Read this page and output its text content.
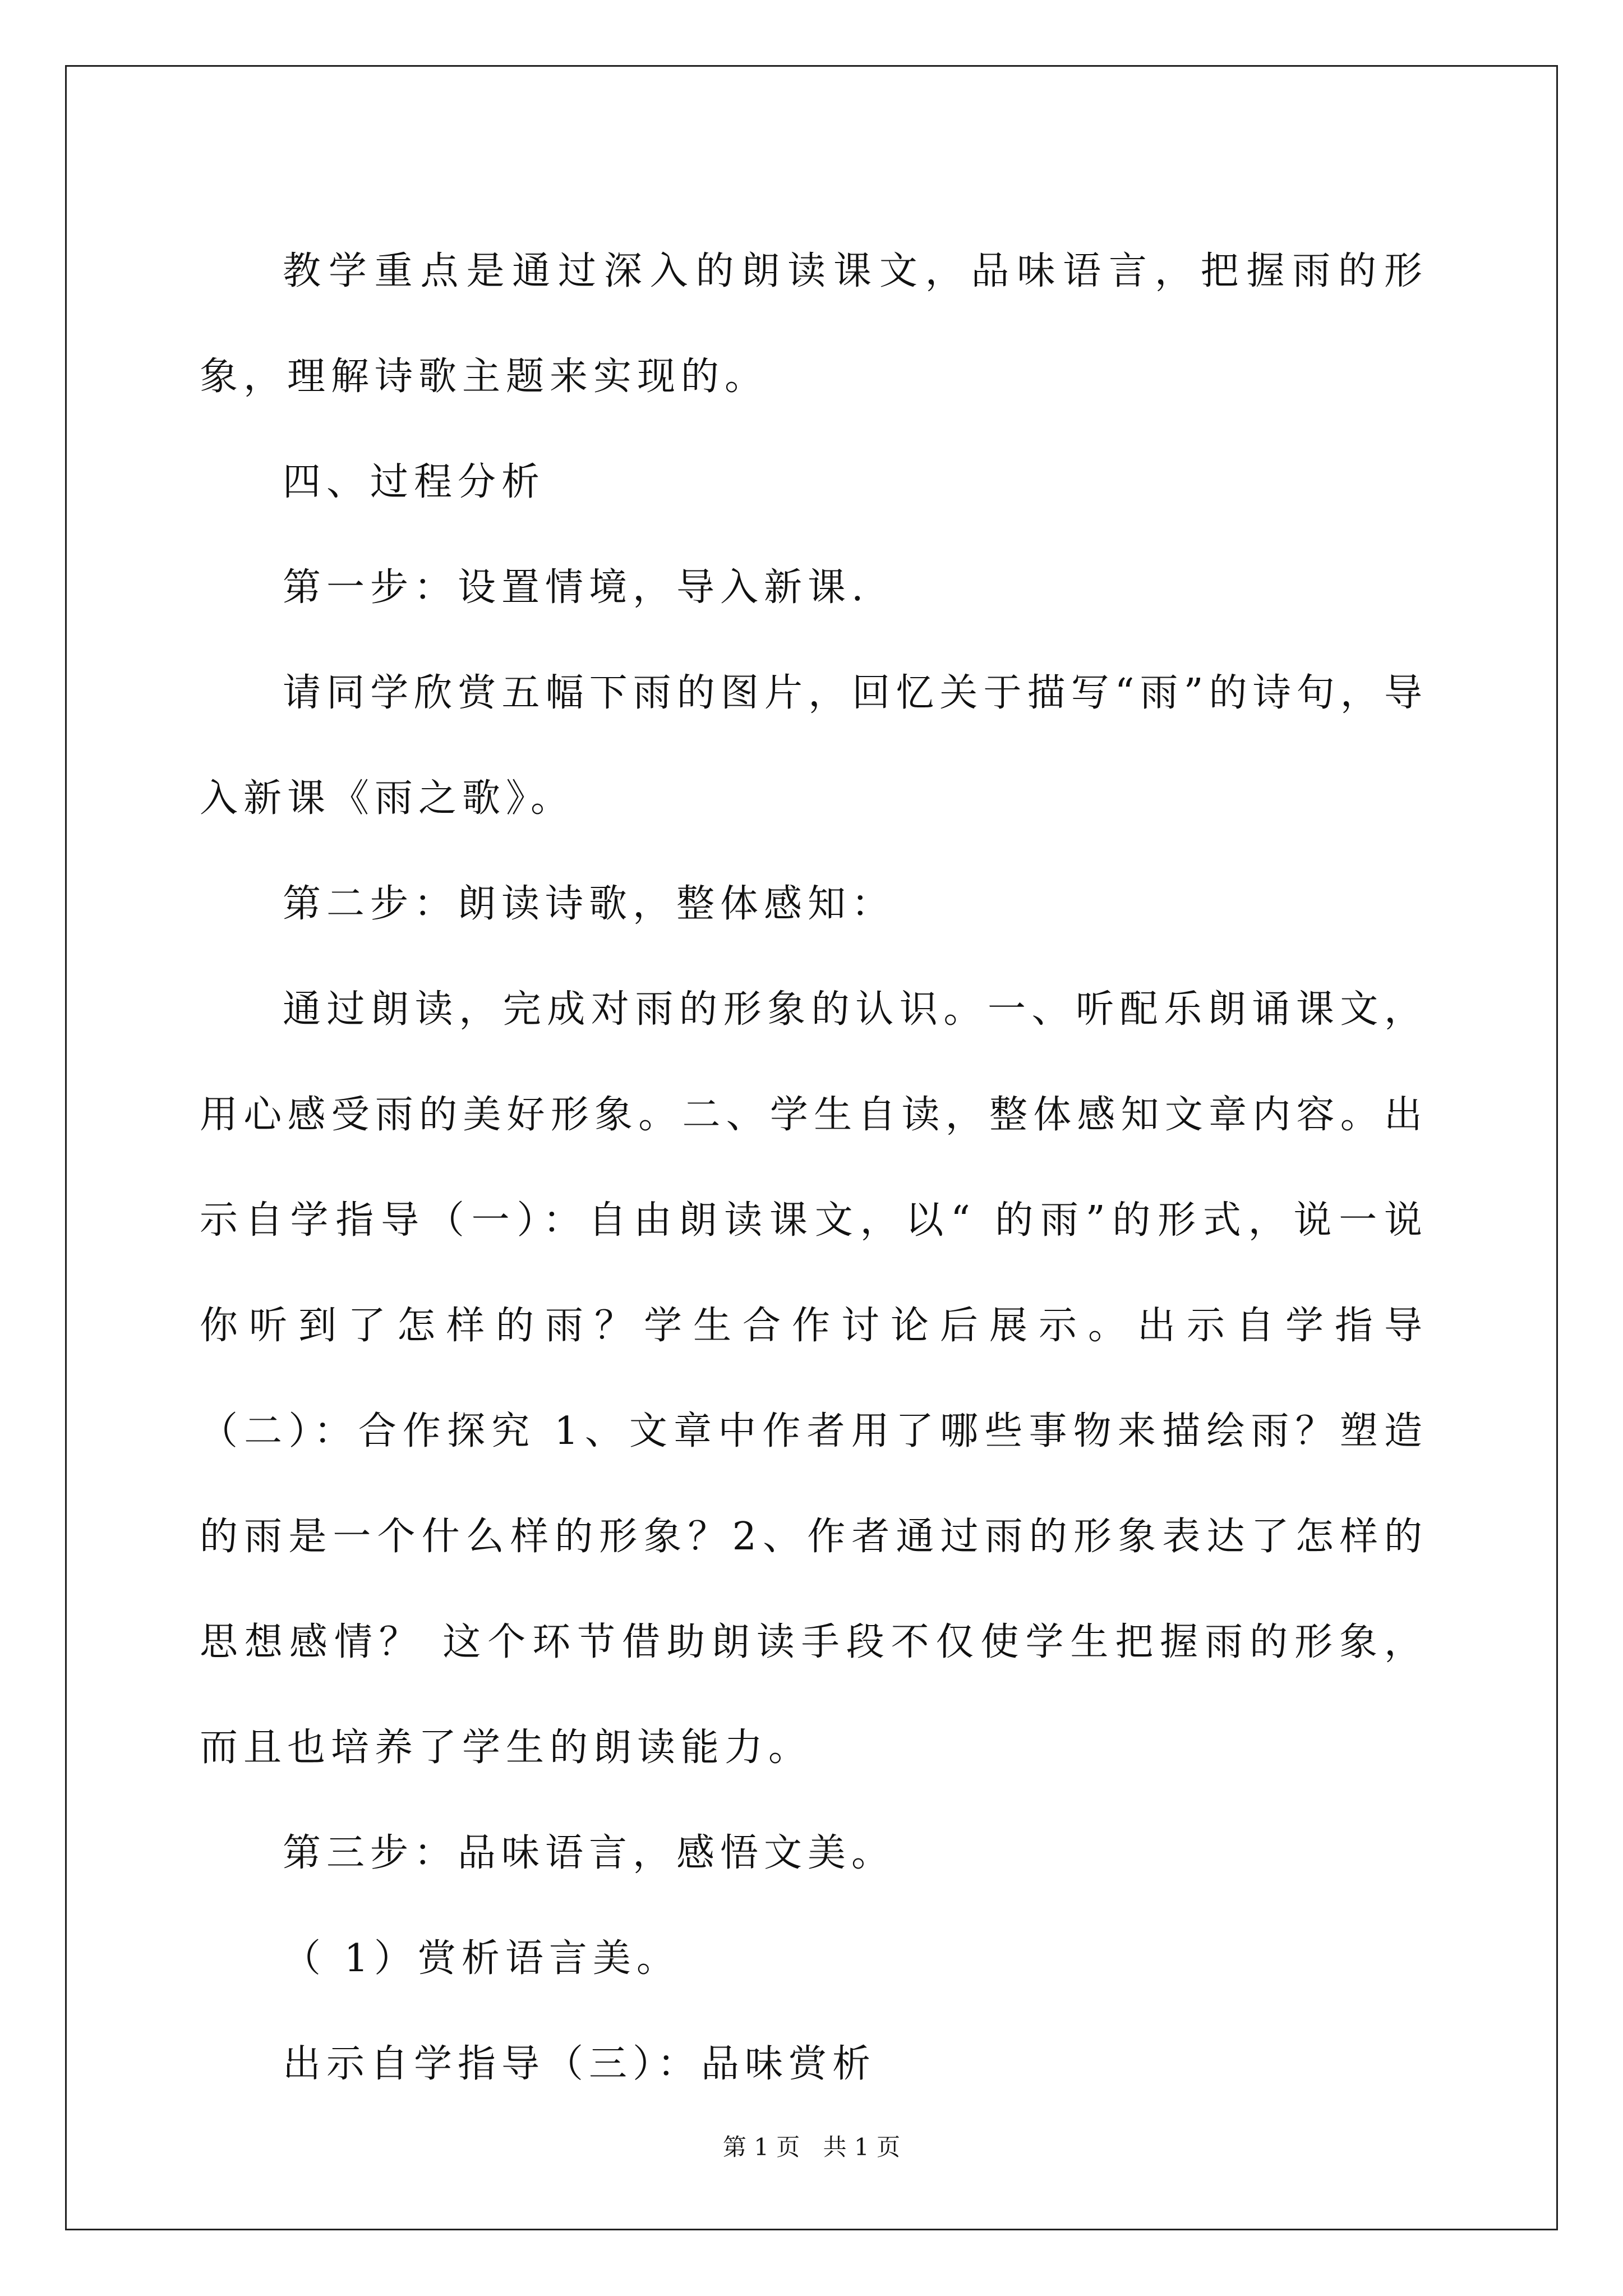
教学重点是通过深入的朗读课文，品味语言，把握雨的形象，理解诗歌主题来实现的。

四、过程分析

第一步：设置情境，导入新课.

请同学欣赏五幅下雨的图片，回忆关于描写“雨”的诗句，导入新课《雨之歌》。

第二步：朗读诗歌，整体感知：

通过朗读，完成对雨的形象的认识。一、听配乐朗诵课文，用心感受雨的美好形象。二、学生自读，整体感知文章内容。出示自学指导（一）：自由朗读课文，以“ 的雨”的形式，说一说你听到了怎样的雨？学生合作讨论后展示。出示自学指导（二）：合作探究 1、文章中作者用了哪些事物来描绘雨？塑造的雨是一个什么样的形象？2、作者通过雨的形象表达了怎样的思想感情？ 这个环节借助朗读手段不仅使学生把握雨的形象，而且也培养了学生的朗读能力。

第三步：品味语言，感悟文美。

（ 1）赏析语言美。

出示自学指导（三）：品味赏析

第 1 页 共 1 页
